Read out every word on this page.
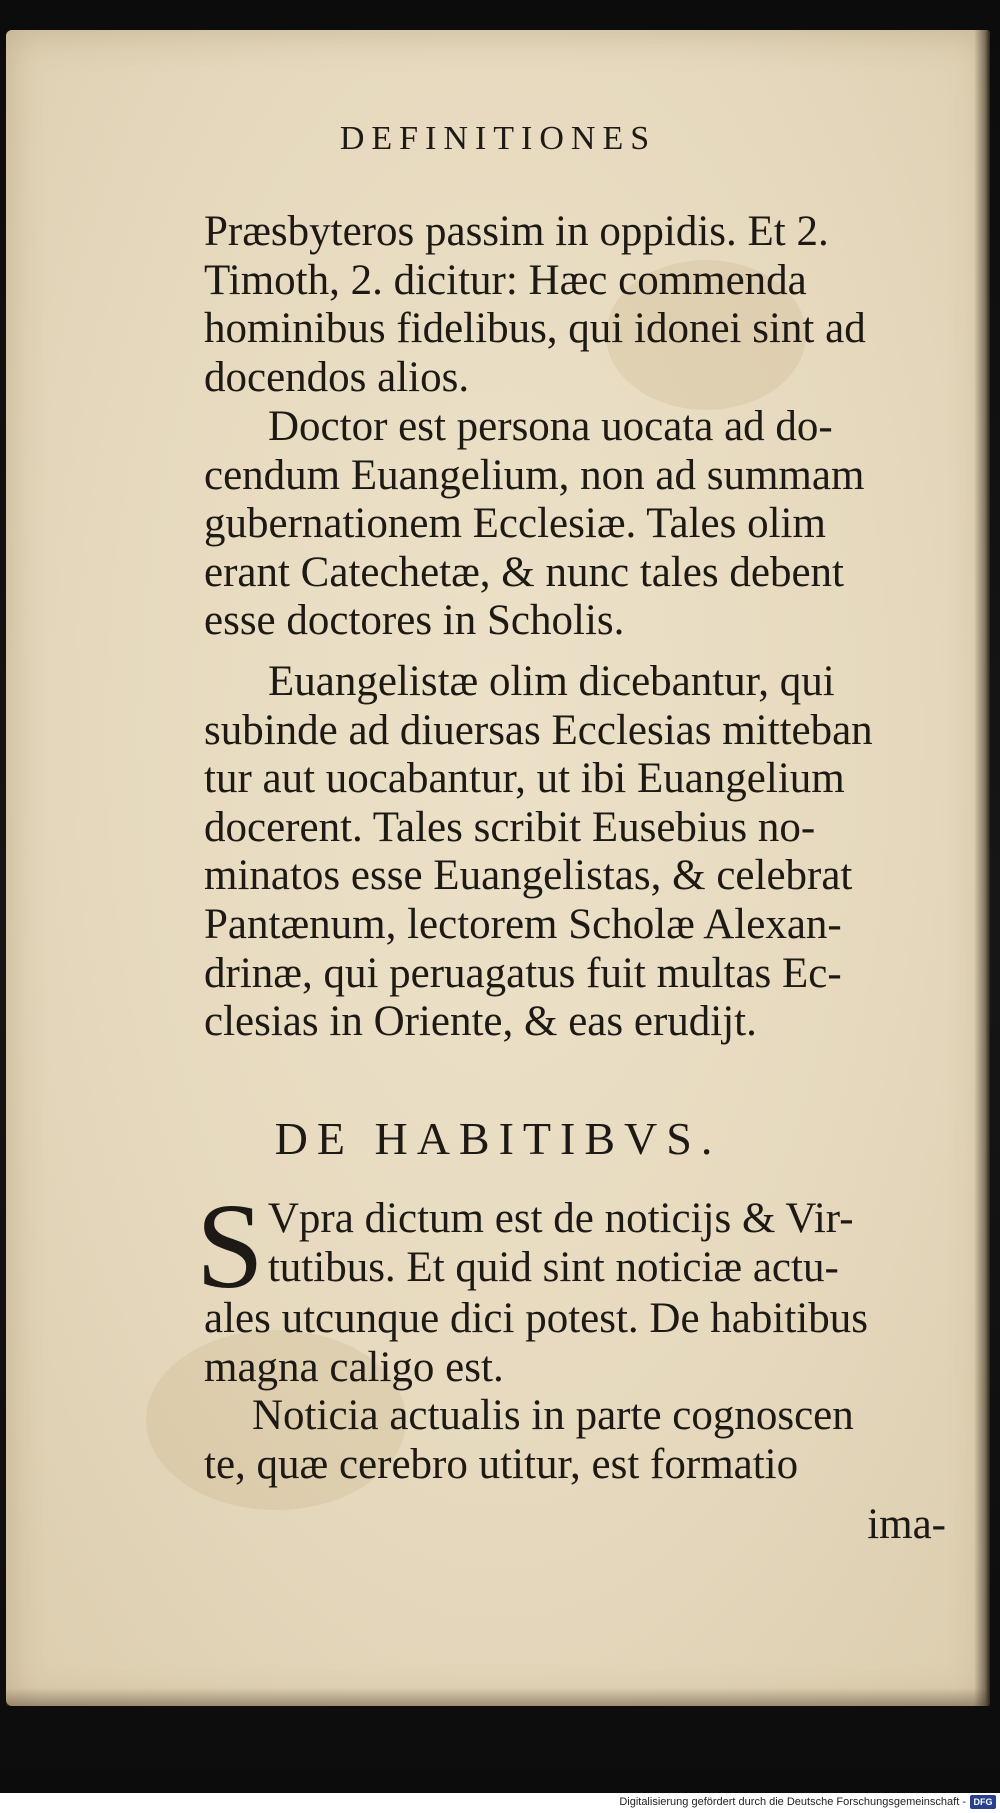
DEFINITIONES
Præsbyteros passim in oppidis. Et 2.
Timoth, 2. dicitur: Hæc commenda
hominibus fidelibus, qui idonei sint ad
docendos alios.
Doctor est persona uocata ad do-
cendum Euangelium, non ad summam
gubernationem Ecclesiæ. Tales olim
erant Catechetæ, & nunc tales debent
esse doctores in Scholis.
Euangelistæ olim dicebantur, qui
subinde ad diuersas Ecclesias mitteban
tur aut uocabantur, ut ibi Euangelium
docerent. Tales scribit Eusebius no-
minatos esse Euangelistas, & celebrat
Pantænum, lectorem Scholæ Alexan-
drinæ, qui peruagatus fuit multas Ec-
clesias in Oriente, & eas erudijt.
DE HABITIBVS.
S Vpra dictum est de noticijs & Vir-
tutibus. Et quid sint noticiæ actu-
ales utcunque dici potest. De habitibus
magna caligo est.
Noticia actualis in parte cognoscen
te, quæ cerebro utitur, est formatio
ima-
Digitalisierung gefördert durch die Deutsche Forschungsgemeinschaft - DFG
